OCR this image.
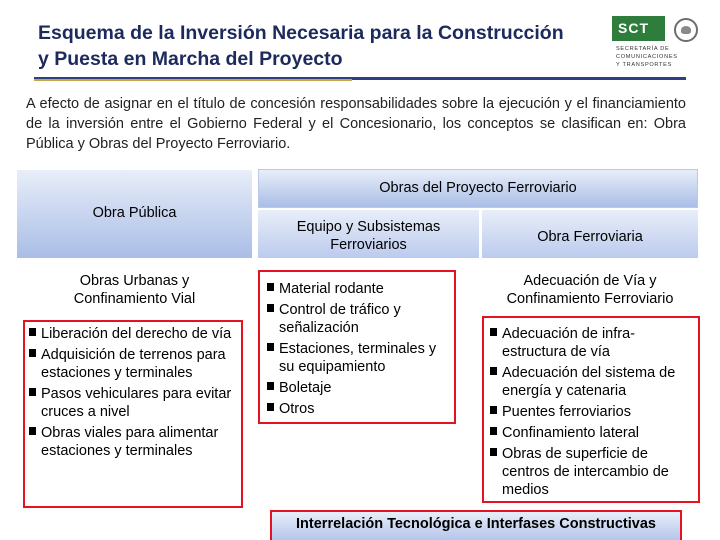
Esquema de la Inversión Necesaria para la Construcción
y Puesta en Marcha del Proyecto
SCT
SECRETARÍA DE
COMUNICACIONES
Y TRANSPORTES

A efecto de asignar en el título de concesión responsabilidades sobre la ejecución y el financiamiento de la inversión entre el Gobierno Federal y el Concesionario, los conceptos se clasifican en: Obra Pública y Obras del Proyecto Ferroviario.

Obras del Proyecto Ferroviario
Obra Pública
Equipo y Subsistemas
Ferroviarios	Obra Ferroviaria
Obras Urbanas y
Confinamiento Vial
Adecuación de Vía y
Confinamiento Ferroviario
Liberación del derecho de vía
Adquisición de terrenos para estaciones y terminales
Pasos vehiculares para evitar cruces a nivel
Obras viales para alimentar estaciones y terminales
Material rodante
Control de tráfico y señalización
Estaciones, terminales y su equipamiento
Boletaje
Otros
Adecuación de infra-estructura de vía
Adecuación del sistema de energía y catenaria
Puentes ferroviarios
Confinamiento lateral
Obras de superficie de centros de intercambio de medios
Interrelación Tecnológica e Interfases Constructivas
